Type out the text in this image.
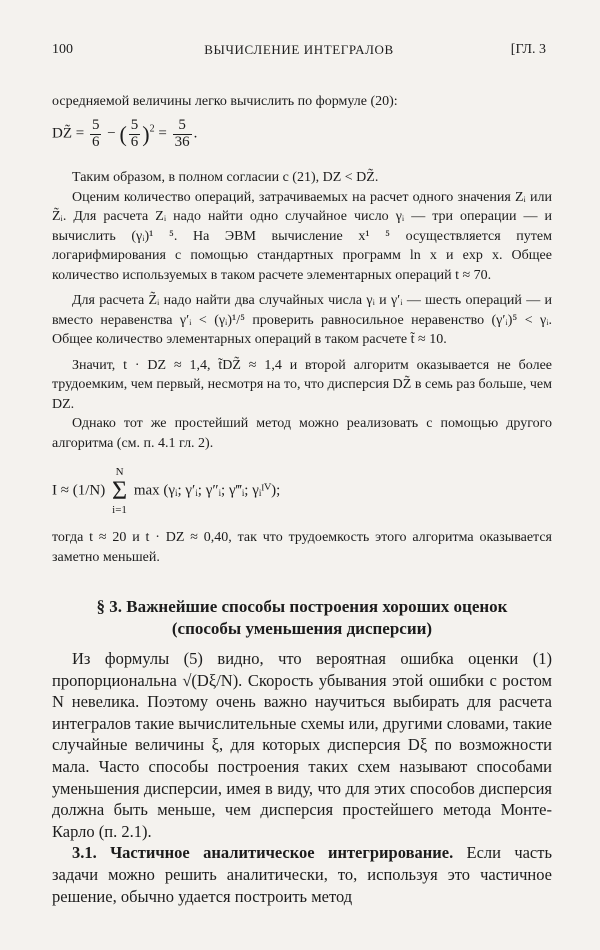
100	ВЫЧИСЛЕНИЕ ИНТЕГРАЛОВ	[ГЛ. 3

осредняемой величины легко вычислить по формуле (20):

DZ̃ = $\frac{5}{6}$ − ( $\frac{5}{6} )^2 = \frac{5}{36}$ .

Таким образом, в полном согласии с (21), DZ < DZ̃.

Оценим количество операций, затрачиваемых на расчет одного значения Zᵢ или Z̃ᵢ. Для расчета Zᵢ надо найти одно случайное число γᵢ — три операции — и вычислить (γᵢ)¹ ⁵. На ЭВМ вычисление x¹ ⁵ осуществляется путем логарифмирования с помощью стандартных программ ln x и exp x. Общее количество используемых в таком расчете элементарных операций t ≈ 70.

Для расчета Z̃ᵢ надо найти два случайных числа γᵢ и γ′ᵢ — шесть операций — и вместо неравенства γ′ᵢ < (γᵢ)¹/⁵ проверить равносильное неравенство (γ′ᵢ)⁵ < γᵢ. Общее количество элементарных операций в таком расчете t̃ ≈ 10.

Значит, t · DZ ≈ 1,4, t̃DZ̃ ≈ 1,4 и второй алгоритм оказывается не более трудоемким, чем первый, несмотря на то, что дисперсия DZ̃ в семь раз больше, чем DZ.

Однако тот же простейший метод можно реализовать с помощью другого алгоритма (см. п. 4.1 гл. 2).

I ≈ (1/N) N
Σ
i=1 max (γᵢ; γ′ᵢ; γ″ᵢ; γ‴ᵢ; γᵢᴵⱽ);

тогда t ≈ 20 и t · DZ ≈ 0,40, так что трудоемкость этого алгоритма оказывается заметно меньшей.

§ 3. Важнейшие способы построения хороших оценок

(способы уменьшения дисперсии)

Из формулы (5) видно, что вероятная ошибка оценки (1) пропорциональна √(Dξ/N). Скорость убывания этой ошибки с ростом N невелика. Поэтому очень важно научиться выбирать для расчета интегралов такие вычислительные схемы или, другими словами, такие случайные величины ξ, для которых дисперсия Dξ по возможности мала. Часто способы построения таких схем называют способами уменьшения дисперсии, имея в виду, что для этих способов дисперсия должна быть меньше, чем дисперсия простейшего метода Монте-Карло (п. 2.1).

3.1. Частичное аналитическое интегрирование. Если часть задачи можно решить аналитически, то, используя это частичное решение, обычно удается построить метод
